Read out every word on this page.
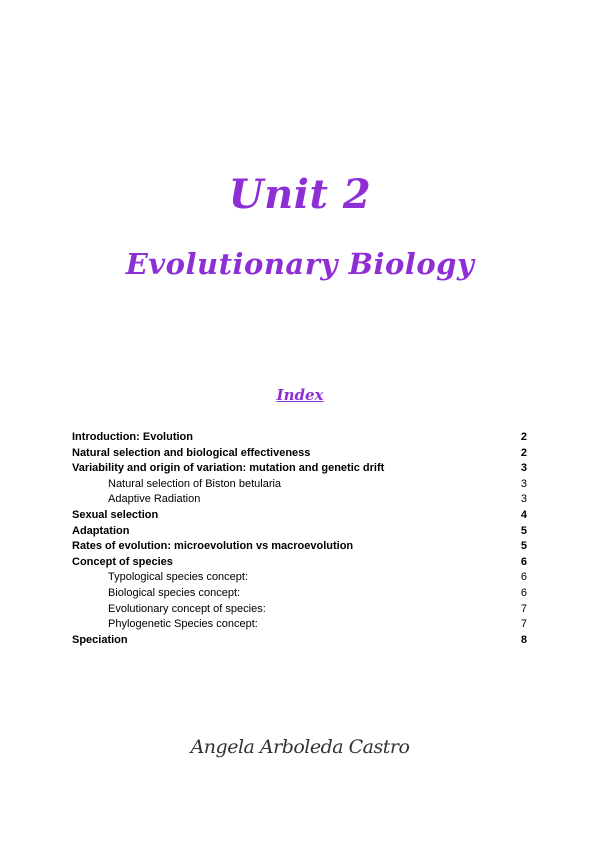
Unit 2
Evolutionary Biology
Index
Introduction: Evolution	2
Natural selection and biological effectiveness	2
Variability and origin of variation: mutation and genetic drift	3
Natural selection of Biston betularia	3
Adaptive Radiation	3
Sexual selection	4
Adaptation	5
Rates of evolution: microevolution vs macroevolution	5
Concept of species	6
Typological species concept:	6
Biological species concept:	6
Evolutionary concept of species:	7
Phylogenetic Species concept:	7
Speciation	8
Angela Arboleda Castro
